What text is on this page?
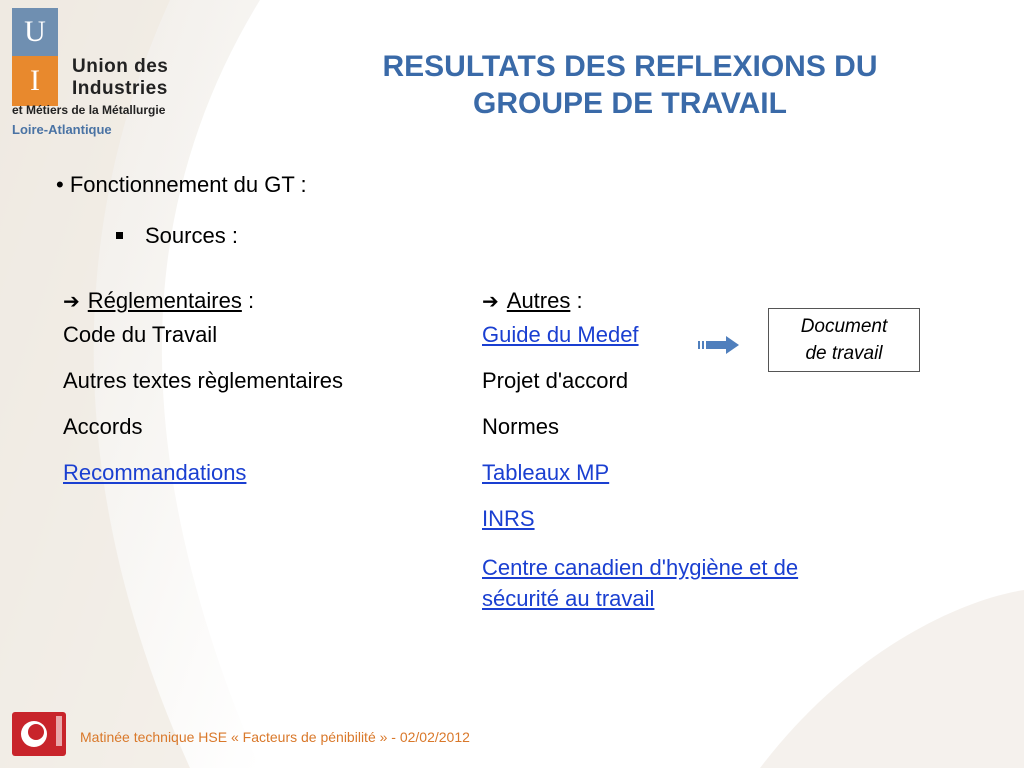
U
I	Union des
Industries
et Métiers de la Métallurgie
Loire-Atlantique
RESULTATS DES REFLEXIONS DU
GROUPE DE TRAVAIL
• Fonctionnement du GT :
Sources :
➔ Réglementaires :
Code du Travail
Autres textes règlementaires
Accords
Recommandations
➔ Autres :
Guide du Medef
Projet d'accord
Normes
Tableaux MP
INRS
Centre canadien d'hygiène et de sécurité au travail
Document
de travail
Matinée technique HSE « Facteurs de pénibilité » - 02/02/2012
